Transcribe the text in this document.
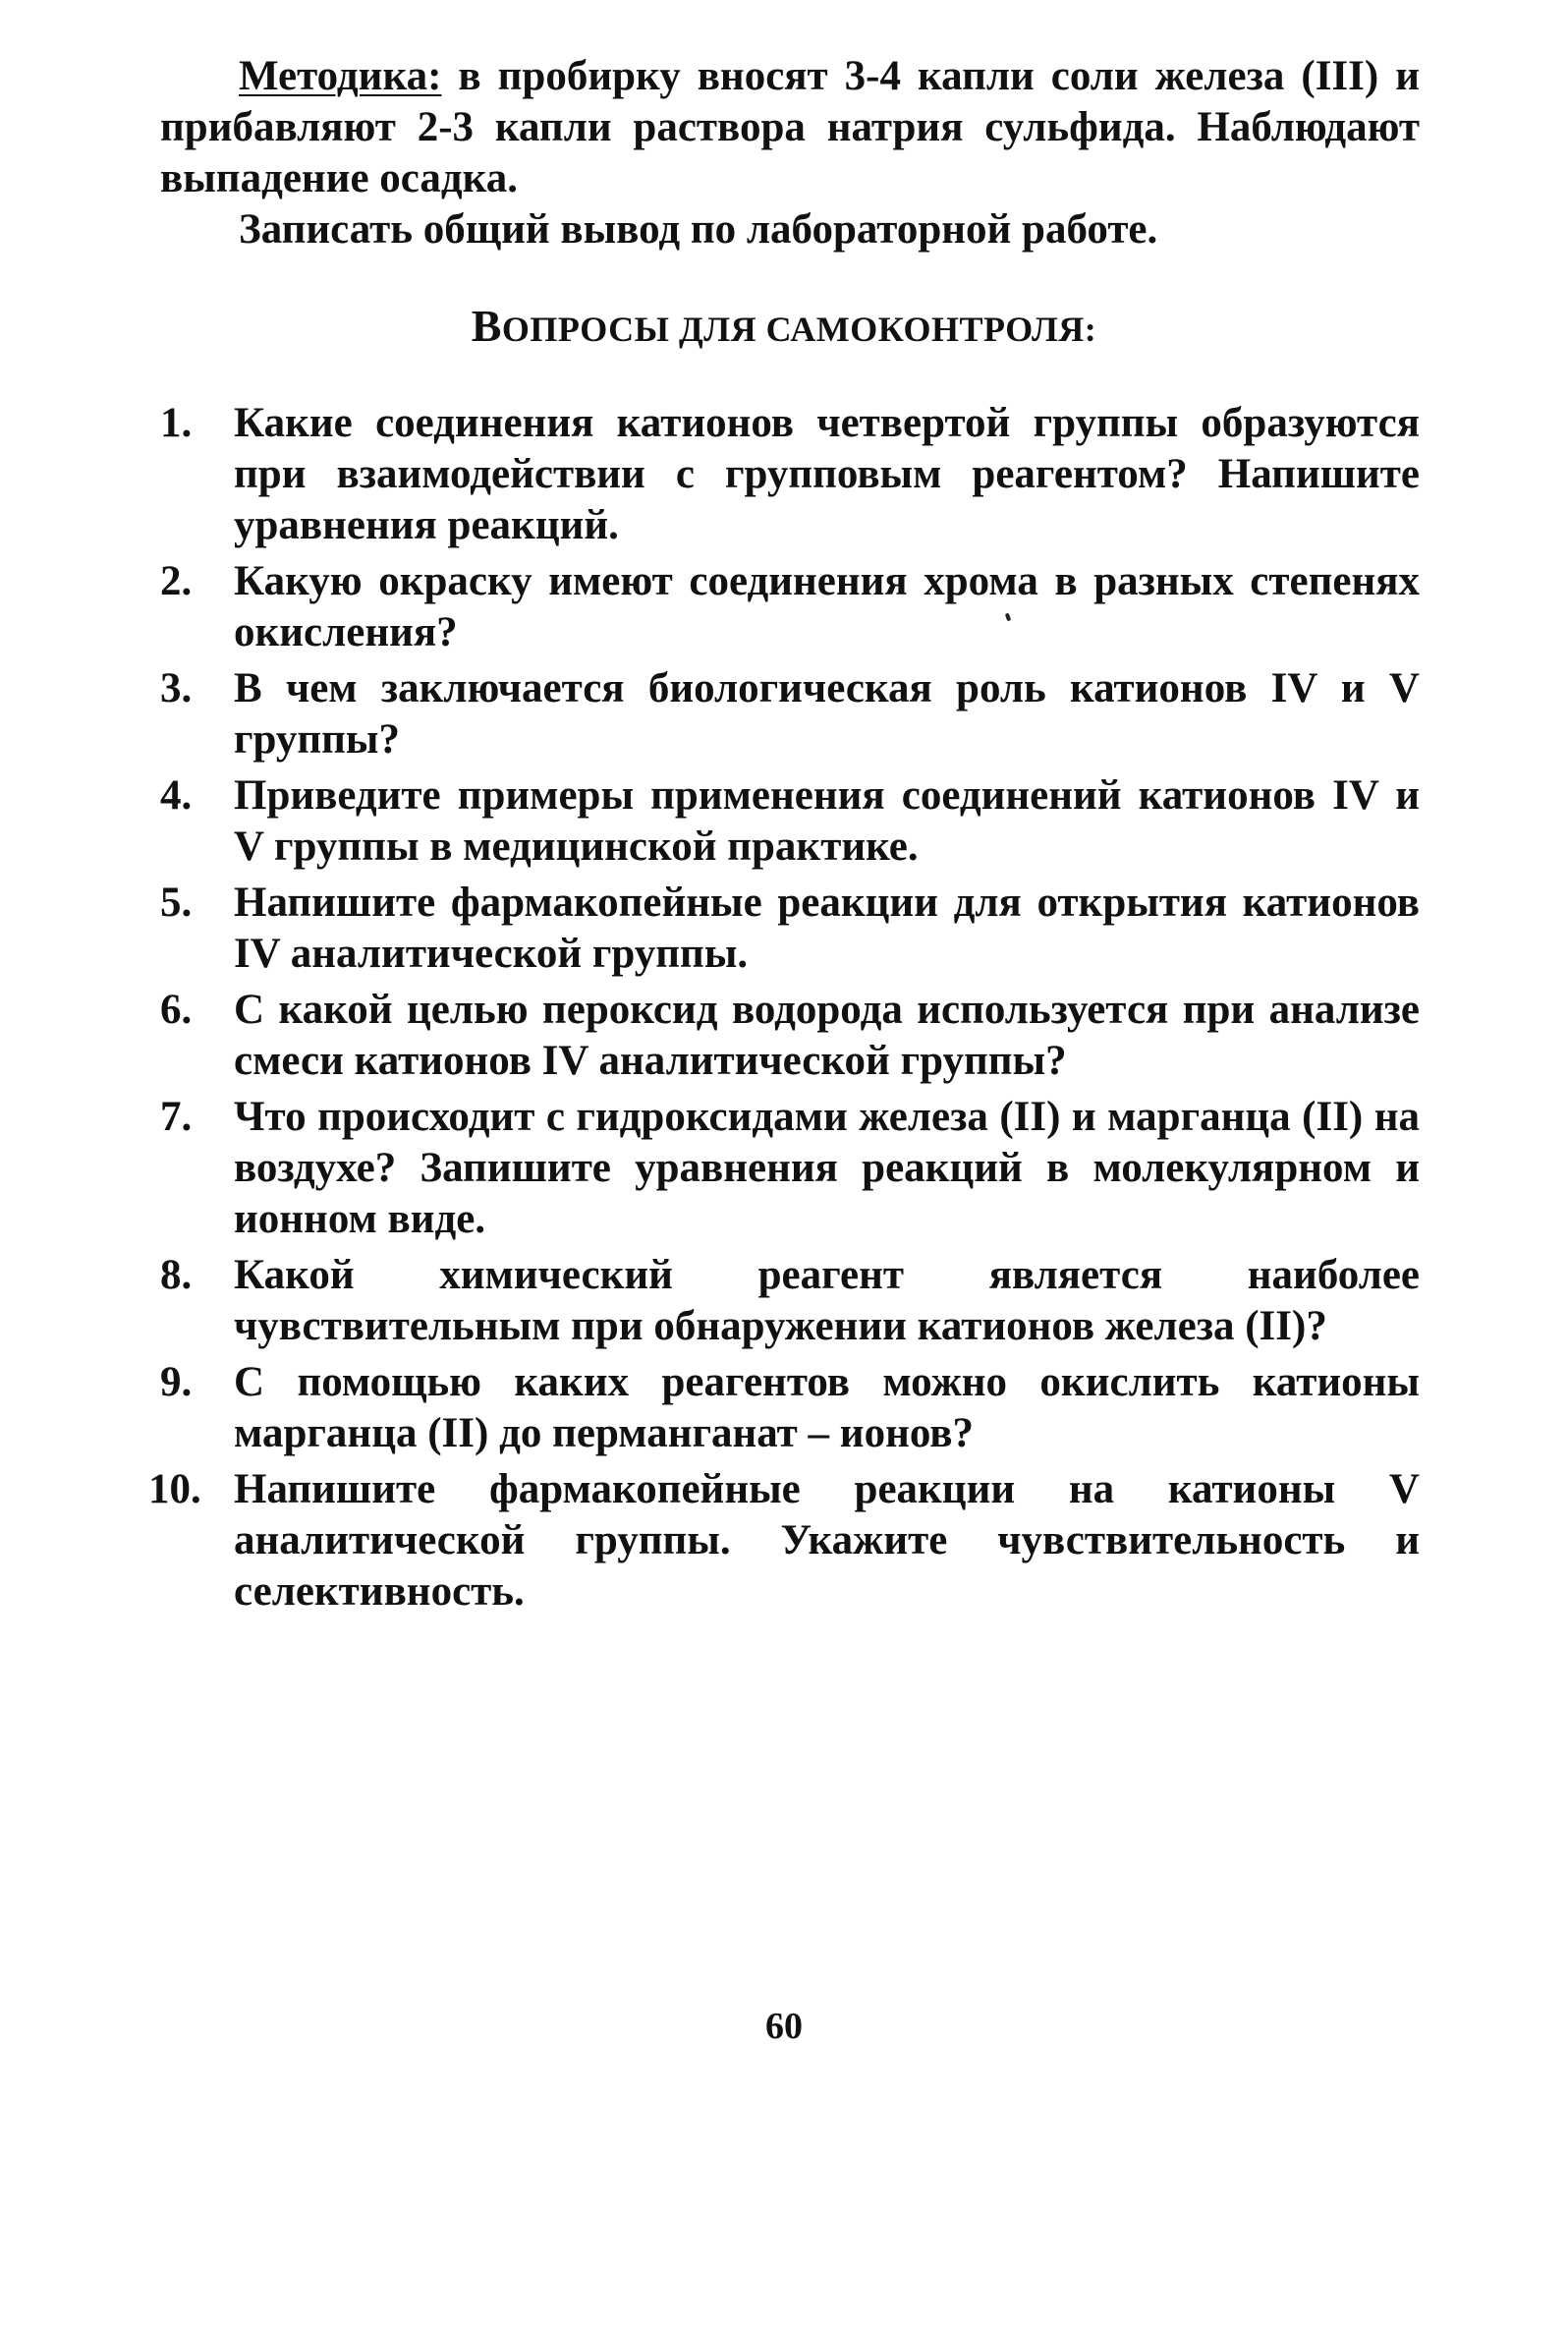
Методика: в пробирку вносят 3-4 капли соли железа (III) и прибавляют 2-3 капли раствора натрия сульфида. Наблюдают выпадение осадка.

Записать общий вывод по лабораторной работе.

ВОПРОСЫ ДЛЯ САМОКОНТРОЛЯ:
1. Какие соединения катионов четвертой группы образуются при взаимодействии с групповым реагентом? Напишите уравнения реакций.
2. Какую окраску имеют соединения хрома в разных степенях окисления?
3. В чем заключается биологическая роль катионов IV и V группы?
4. Приведите примеры применения соединений катионов IV и V группы в медицинской практике.
5. Напишите фармакопейные реакции для открытия катионов IV аналитической группы.
6. С какой целью пероксид водорода используется при анализе смеси катионов IV аналитической группы?
7. Что происходит с гидроксидами железа (II) и марганца (II) на воздухе? Запишите уравнения реакций в молекулярном и ионном виде.
8. Какой химический реагент является наиболее чувствительным при обнаружении катионов железа (II)?
9. С помощью каких реагентов можно окислить катионы марганца (II) до перманганат – ионов?
10. Напишите фармакопейные реакции на катионы V аналитической группы. Укажите чувствительность и селективность.
60
